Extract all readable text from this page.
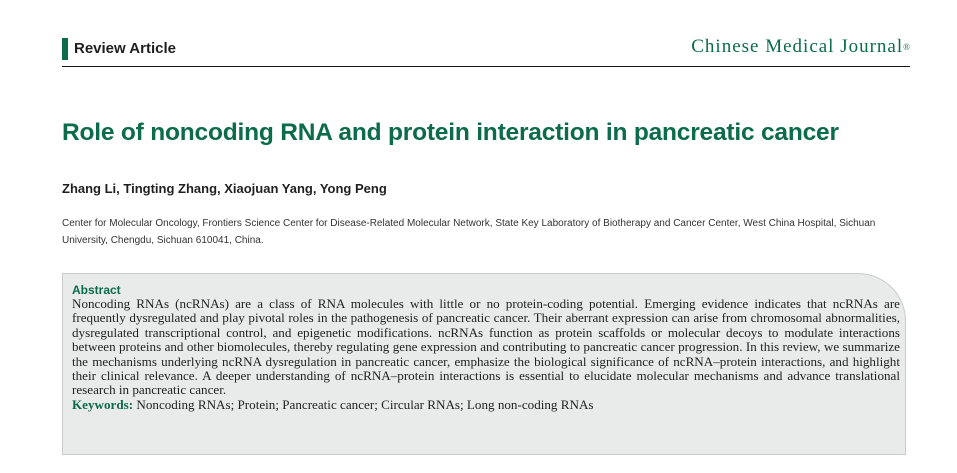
Review Article	Chinese Medical Journal®
Role of noncoding RNA and protein interaction in pancreatic cancer
Zhang Li, Tingting Zhang, Xiaojuan Yang, Yong Peng
Center for Molecular Oncology, Frontiers Science Center for Disease-Related Molecular Network, State Key Laboratory of Biotherapy and Cancer Center, West China Hospital, Sichuan University, Chengdu, Sichuan 610041, China.
Abstract

Noncoding RNAs (ncRNAs) are a class of RNA molecules with little or no protein-coding potential. Emerging evidence indicates that ncRNAs are frequently dysregulated and play pivotal roles in the pathogenesis of pancreatic cancer. Their aberrant expression can arise from chromosomal abnormalities, dysregulated transcriptional control, and epigenetic modifications. ncRNAs function as protein scaffolds or molecular decoys to modulate interactions between proteins and other biomolecules, thereby regulating gene expression and contributing to pancreatic cancer progression. In this review, we summarize the mechanisms underlying ncRNA dysregulation in pancreatic cancer, emphasize the biological significance of ncRNA–protein interactions, and highlight their clinical relevance. A deeper understanding of ncRNA–protein interactions is essential to elucidate molecular mechanisms and advance translational research in pancreatic cancer.

Keywords: Noncoding RNAs; Protein; Pancreatic cancer; Circular RNAs; Long non-coding RNAs
